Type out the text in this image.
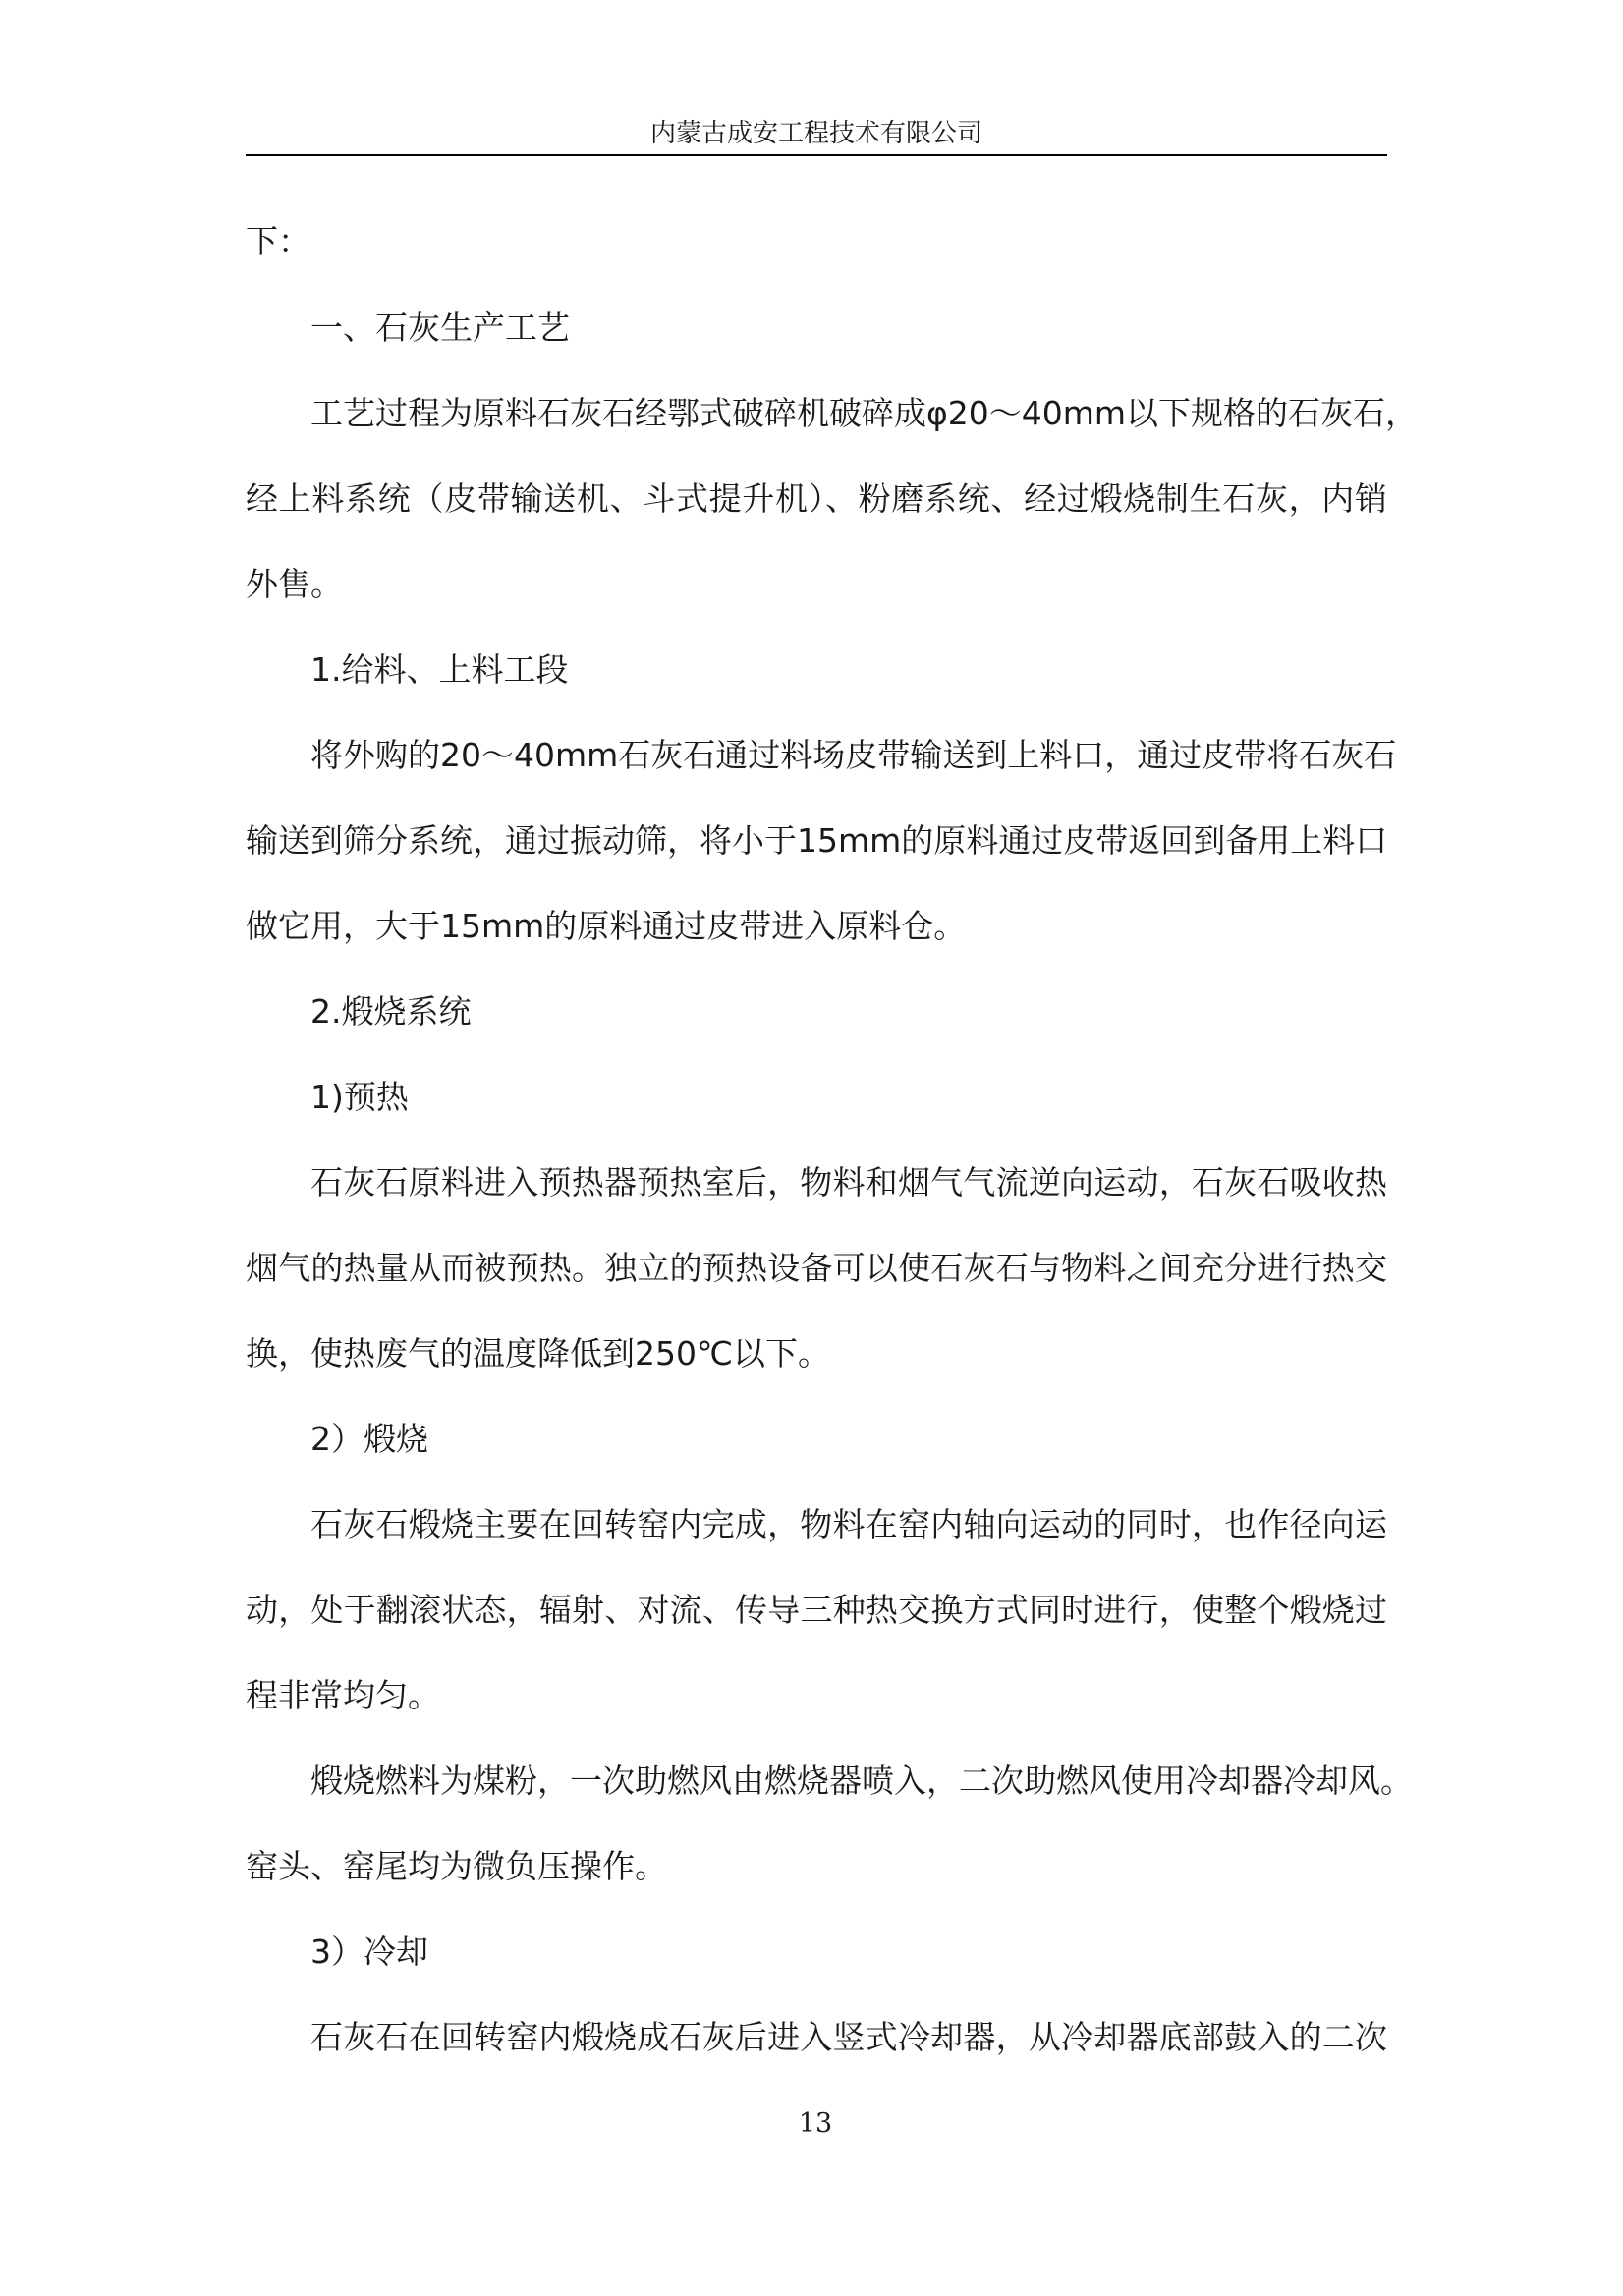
内蒙古成安工程技术有限公司
下：
一、石灰生产工艺
工艺过程为原料石灰石经鄂式破碎机破碎成φ20～40mm以下规格的石灰石，
经上料系统（皮带输送机、斗式提升机）、粉磨系统、经过煅烧制生石灰，内销
外售。
1.给料、上料工段
将外购的20～40mm石灰石通过料场皮带输送到上料口，通过皮带将石灰石
输送到筛分系统，通过振动筛，将小于15mm的原料通过皮带返回到备用上料口
做它用，大于15mm的原料通过皮带进入原料仓。
2.煅烧系统
1)预热
石灰石原料进入预热器预热室后，物料和烟气气流逆向运动，石灰石吸收热
烟气的热量从而被预热。独立的预热设备可以使石灰石与物料之间充分进行热交
换，使热废气的温度降低到250℃以下。
2）煅烧
石灰石煅烧主要在回转窑内完成，物料在窑内轴向运动的同时，也作径向运
动，处于翻滚状态，辐射、对流、传导三种热交换方式同时进行，使整个煅烧过
程非常均匀。
煅烧燃料为煤粉，一次助燃风由燃烧器喷入，二次助燃风使用冷却器冷却风。
窑头、窑尾均为微负压操作。
3）冷却
石灰石在回转窑内煅烧成石灰后进入竖式冷却器，从冷却器底部鼓入的二次
13
